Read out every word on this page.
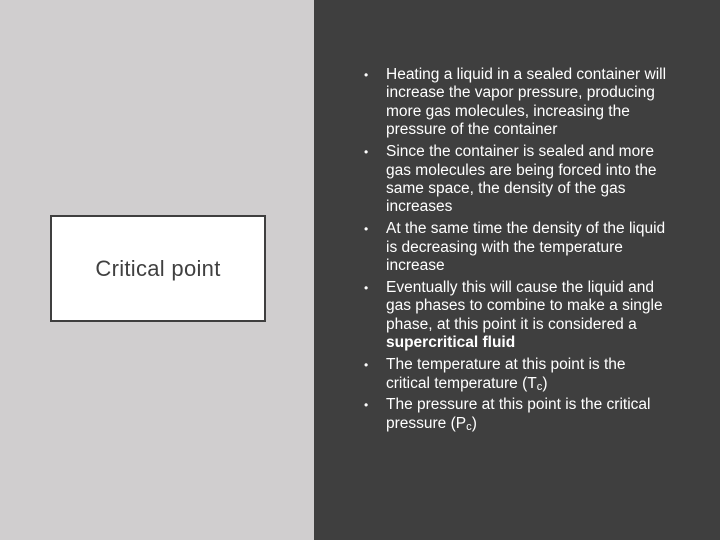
Critical point
• Heating a liquid in a sealed container will increase the vapor pressure, producing more gas molecules, increasing the pressure of the container
• Since the container is sealed and more gas molecules are being forced into the same space, the density of the gas increases
• At the same time the density of the liquid is decreasing with the temperature increase
• Eventually this will cause the liquid and gas phases to combine to make a single phase, at this point it is considered a supercritical fluid
• The temperature at this point is the critical temperature $(T_c)$
• The pressure at this point is the critical pressure $(P_c)$
